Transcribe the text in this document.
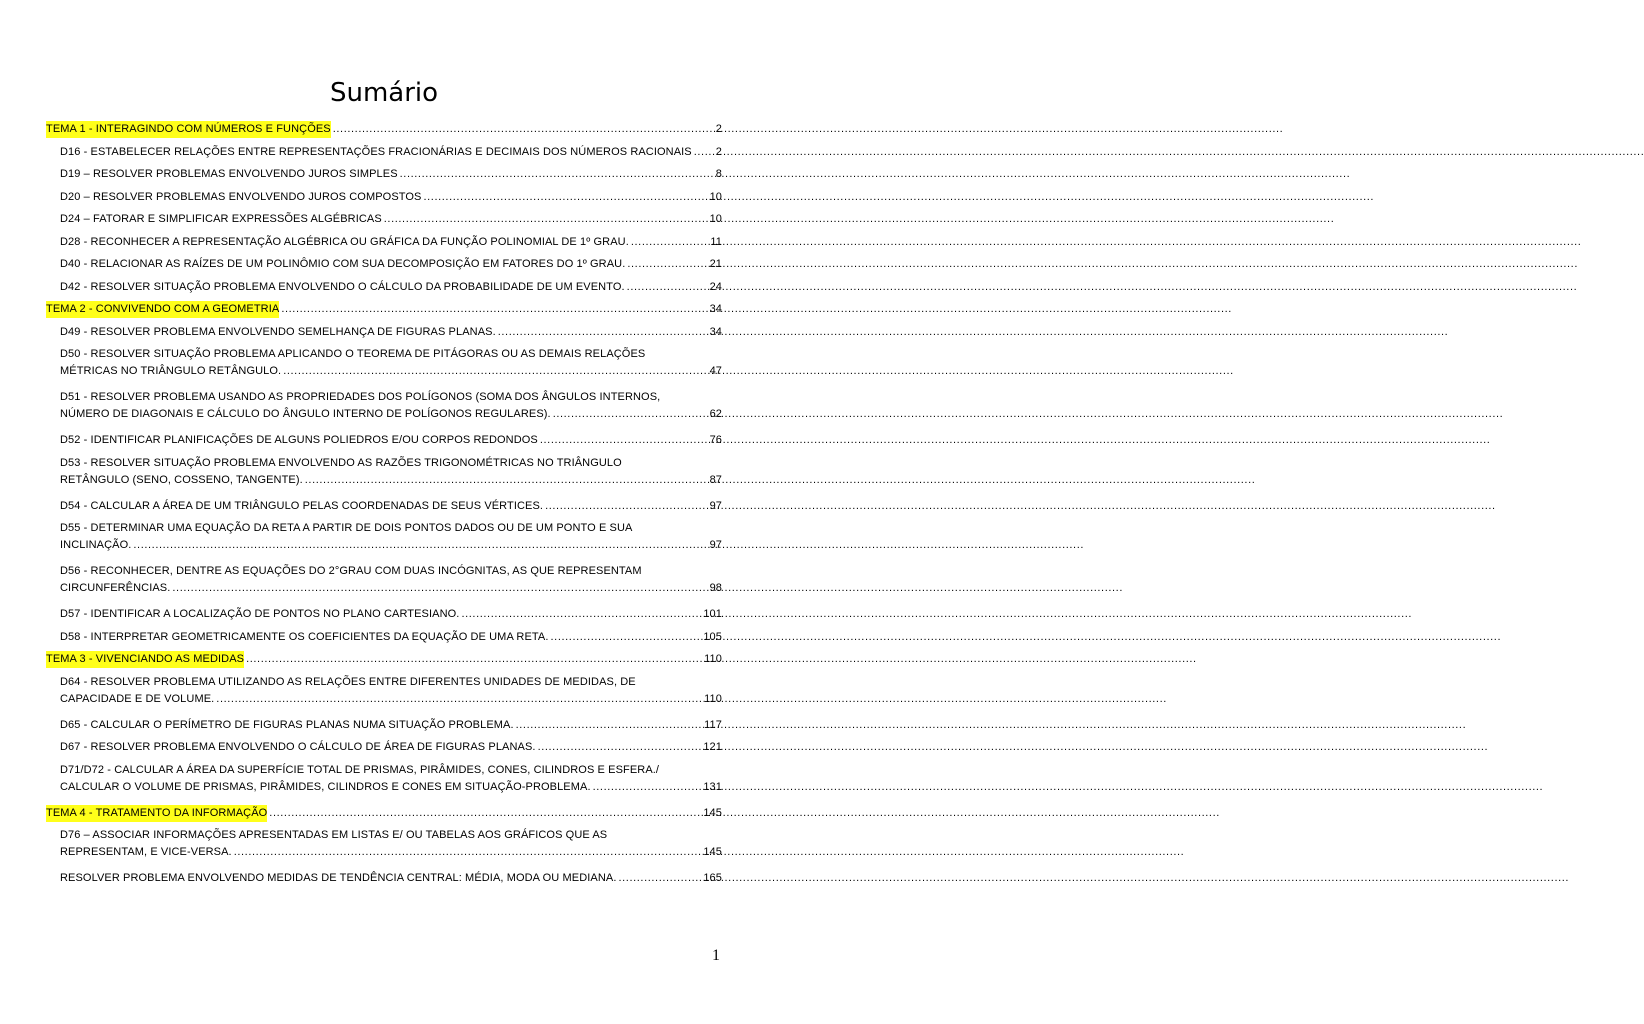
Sumário
TEMA 1 - INTERAGINDO COM NÚMEROS E FUNÇÕES .....	2
D16 - ESTABELECER RELAÇÕES ENTRE REPRESENTAÇÕES FRACIONÁRIAS E DECIMAIS DOS NÚMEROS RACIONAIS ..... 2
D19 – RESOLVER PROBLEMAS ENVOLVENDO JUROS SIMPLES .....	8
D20 – RESOLVER PROBLEMAS ENVOLVENDO JUROS COMPOSTOS .....	10
D24 – FATORAR E SIMPLIFICAR EXPRESSÕES ALGÉBRICAS .....	10
D28 - RECONHECER A REPRESENTAÇÃO ALGÉBRICA OU GRÁFICA DA FUNÇÃO POLINOMIAL DE 1º GRAU. .....	11
D40 - RELACIONAR AS RAÍZES DE UM POLINÔMIO COM SUA DECOMPOSIÇÃO EM FATORES DO 1º GRAU. .....	21
D42 - RESOLVER SITUAÇÃO PROBLEMA ENVOLVENDO O CÁLCULO DA PROBABILIDADE DE UM EVENTO. .....	24
TEMA 2 - CONVIVENDO COM A GEOMETRIA .....	34
D49 - RESOLVER PROBLEMA ENVOLVENDO SEMELHANÇA DE FIGURAS PLANAS. .....	34
D50 - RESOLVER SITUAÇÃO PROBLEMA APLICANDO O TEOREMA DE PITÁGORAS OU AS DEMAIS RELAÇÕES
MÉTRICAS NO TRIÂNGULO RETÂNGULO. .....	47
D51 - RESOLVER PROBLEMA USANDO AS PROPRIEDADES DOS POLÍGONOS (SOMA DOS ÂNGULOS INTERNOS,
NÚMERO DE DIAGONAIS E CÁLCULO DO ÂNGULO INTERNO DE POLÍGONOS REGULARES). .....	62
D52 - IDENTIFICAR PLANIFICAÇÕES DE ALGUNS POLIEDROS E/OU CORPOS REDONDOS .....	76
D53 - RESOLVER SITUAÇÃO PROBLEMA ENVOLVENDO AS RAZÕES TRIGONOMÉTRICAS NO TRIÂNGULO
RETÂNGULO (SENO, COSSENO, TANGENTE). .....	87
D54 - CALCULAR A ÁREA DE UM TRIÂNGULO PELAS COORDENADAS DE SEUS VÉRTICES. .....	97
D55 - DETERMINAR UMA EQUAÇÃO DA RETA A PARTIR DE DOIS PONTOS DADOS OU DE UM PONTO E SUA
INCLINAÇÃO. .....	97
D56 - RECONHECER, DENTRE AS EQUAÇÕES DO 2°GRAU COM DUAS INCÓGNITAS, AS QUE REPRESENTAM
CIRCUNFERÊNCIAS. .....	98
D57 - IDENTIFICAR A LOCALIZAÇÃO DE PONTOS NO PLANO CARTESIANO. .....	101
D58 - INTERPRETAR GEOMETRICAMENTE OS COEFICIENTES DA EQUAÇÃO DE UMA RETA. .....	105
TEMA 3 - VIVENCIANDO AS MEDIDAS .....	110
D64 - RESOLVER PROBLEMA UTILIZANDO AS RELAÇÕES ENTRE DIFERENTES UNIDADES DE MEDIDAS, DE
CAPACIDADE E DE VOLUME. .....	110
D65 - CALCULAR O PERÍMETRO DE FIGURAS PLANAS NUMA SITUAÇÃO PROBLEMA. .....	117
D67 - RESOLVER PROBLEMA ENVOLVENDO O CÁLCULO DE ÁREA DE FIGURAS PLANAS. .....	121
D71/D72 - CALCULAR A ÁREA DA SUPERFÍCIE TOTAL DE PRISMAS, PIRÂMIDES, CONES, CILINDROS E ESFERA./
CALCULAR O VOLUME DE PRISMAS, PIRÂMIDES, CILINDROS E CONES EM SITUAÇÃO-PROBLEMA. .....	131
TEMA 4 - TRATAMENTO DA INFORMAÇÃO .....	145
D76 – ASSOCIAR INFORMAÇÕES APRESENTADAS EM LISTAS E/ OU TABELAS AOS GRÁFICOS QUE AS
REPRESENTAM, E VICE-VERSA. .....	145
RESOLVER PROBLEMA ENVOLVENDO MEDIDAS DE TENDÊNCIA CENTRAL: MÉDIA, MODA OU MEDIANA. .....	165
1
